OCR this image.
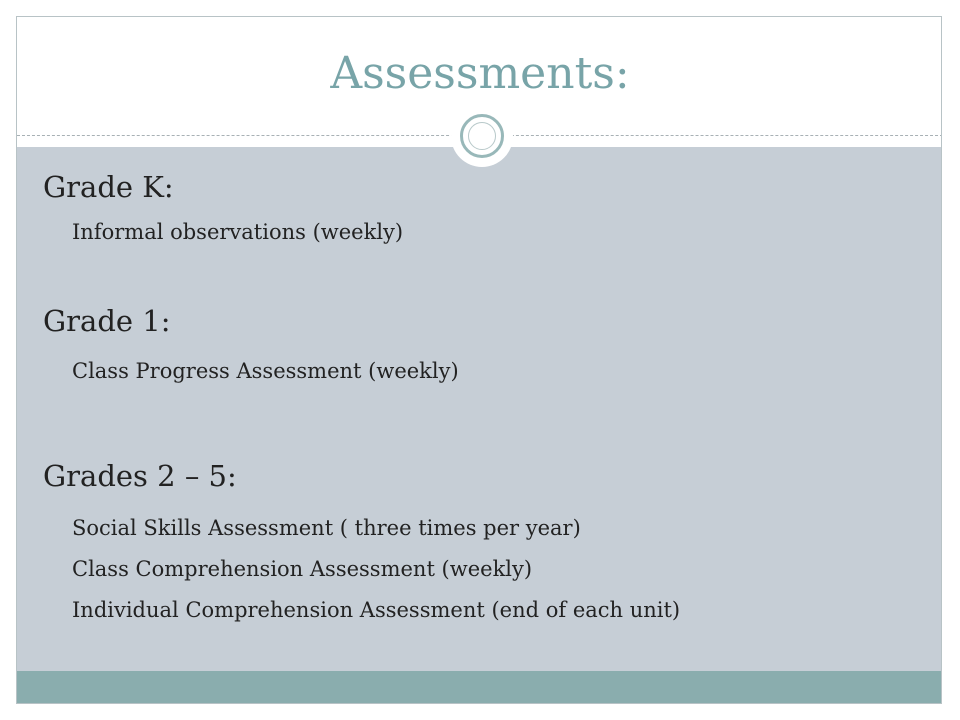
Assessments:
Grade K:
Informal observations (weekly)
Grade 1:
Class Progress Assessment (weekly)
Grades 2 – 5:
Social Skills Assessment ( three times per year)
Class Comprehension Assessment (weekly)
Individual Comprehension Assessment (end of each unit)
